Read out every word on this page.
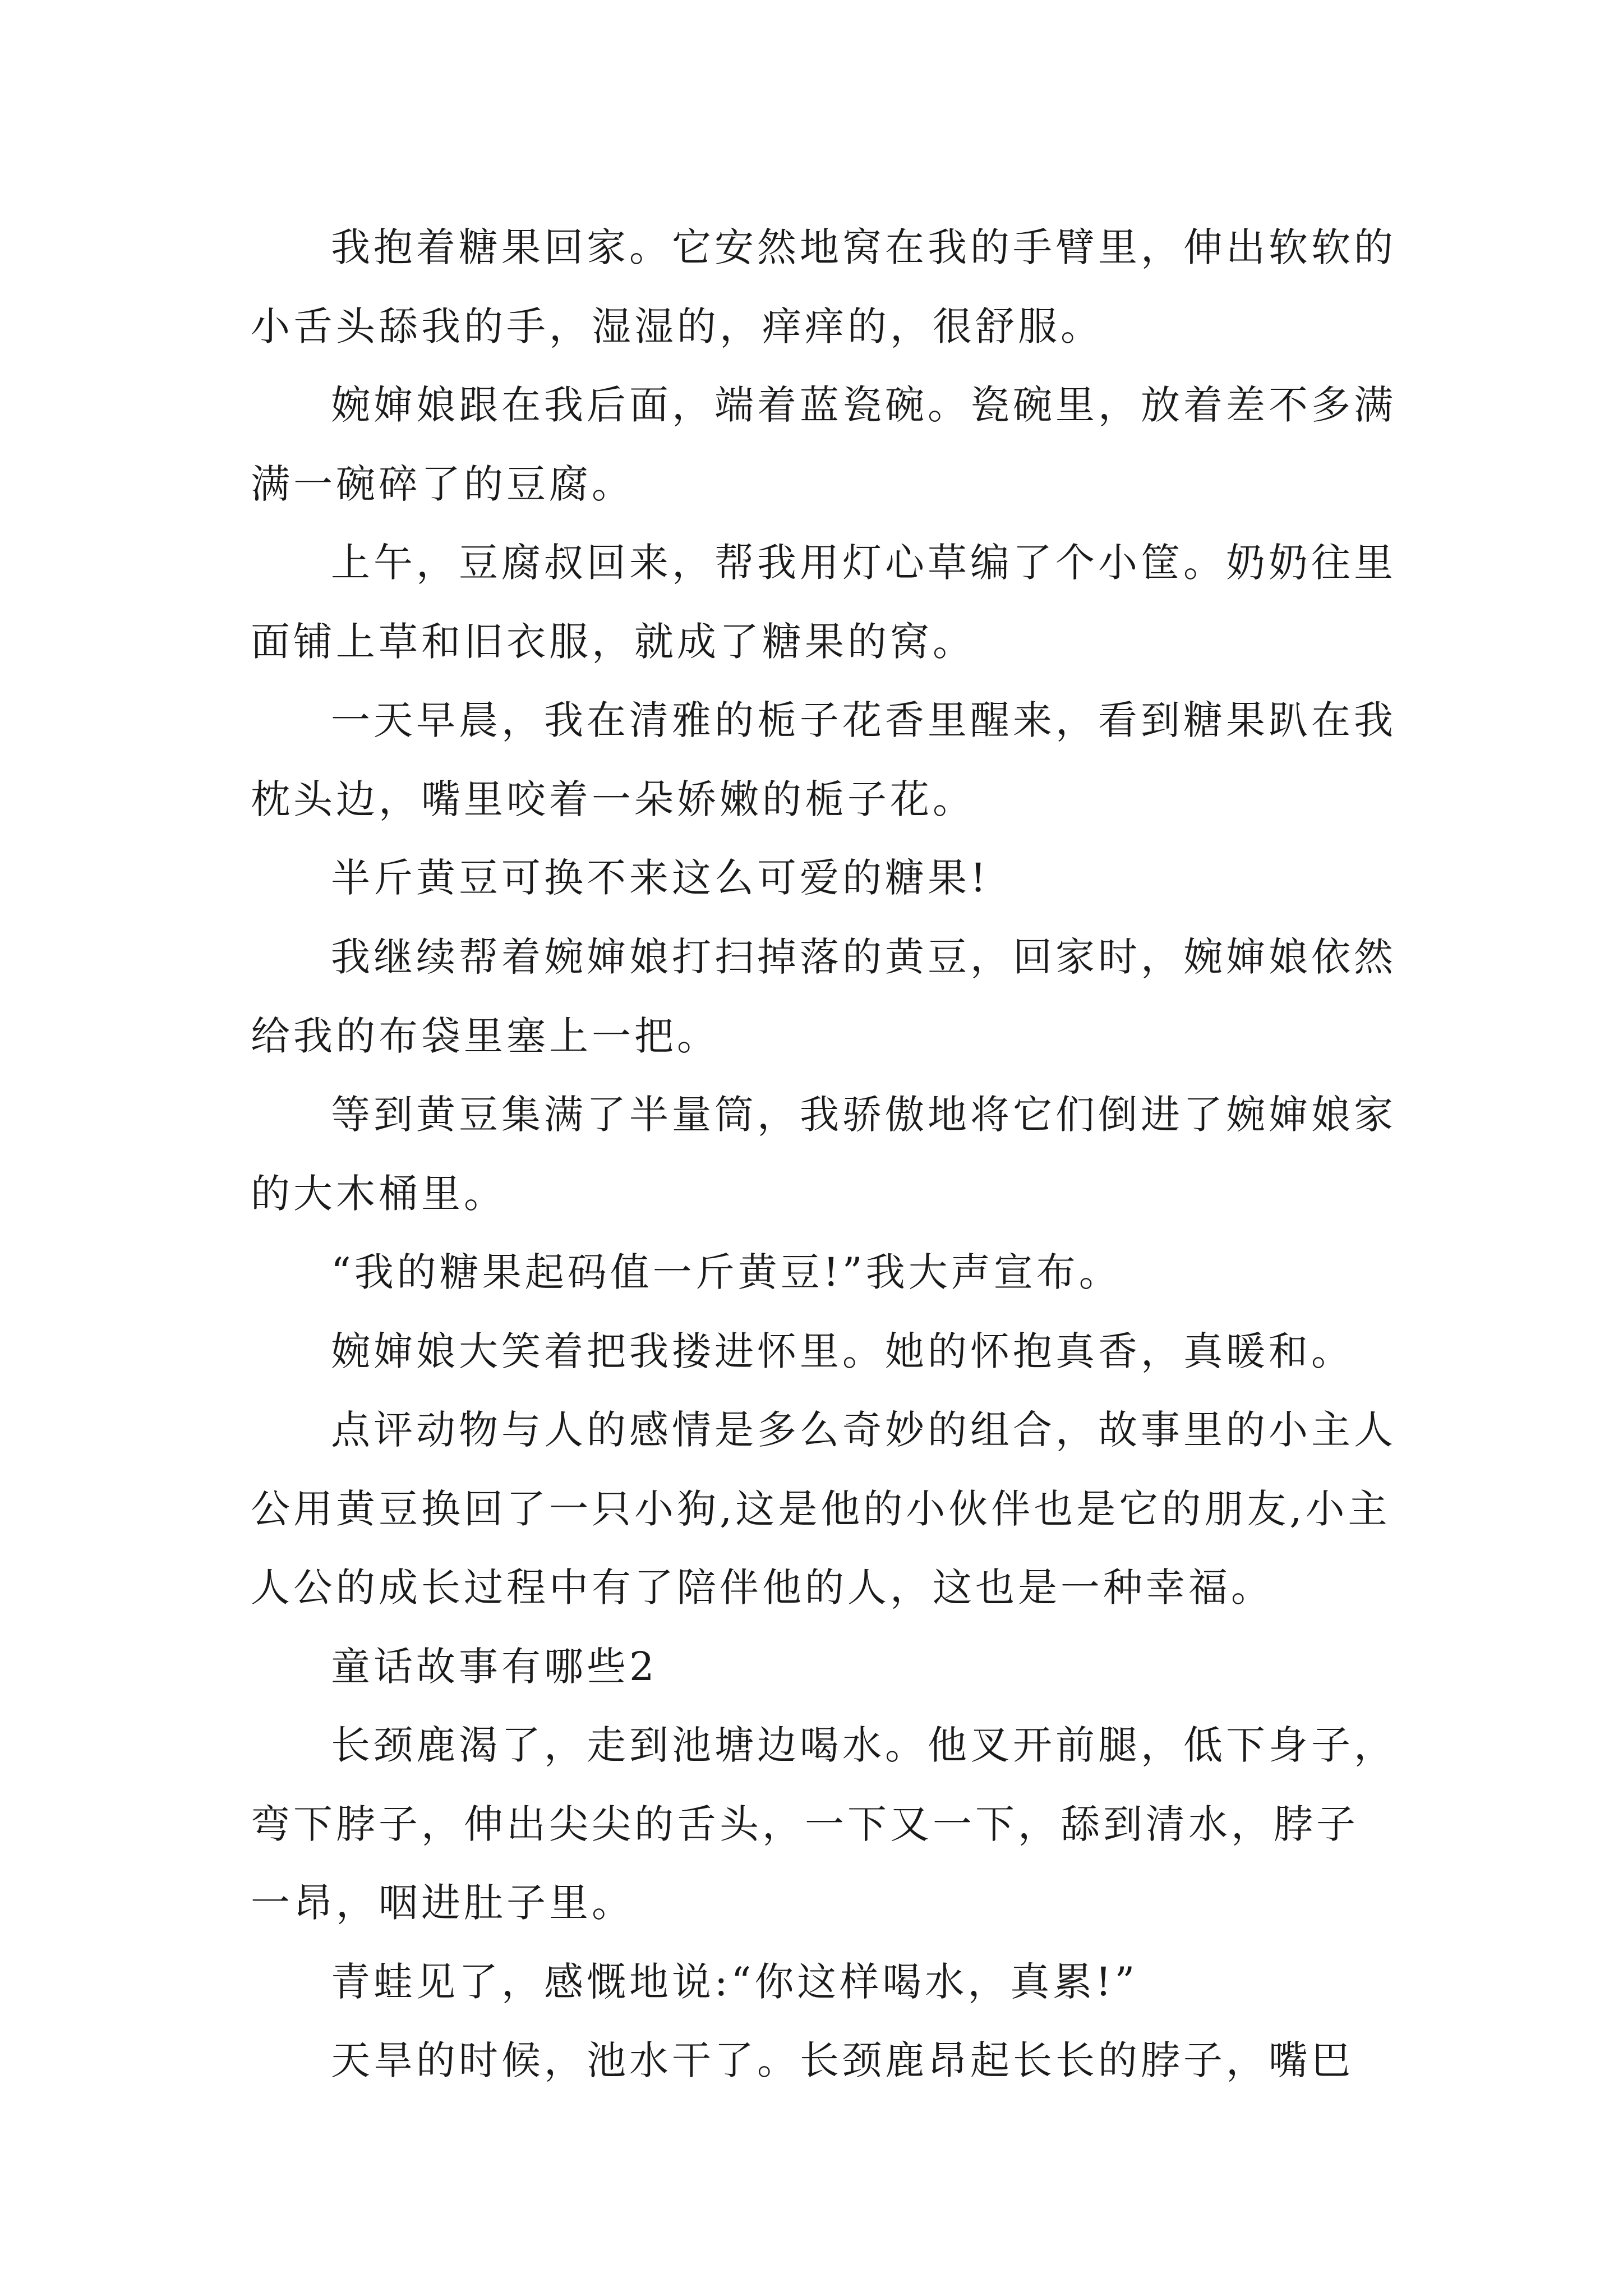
我抱着糖果回家。它安然地窝在我的手臂里，伸出软软的小舌头舔我的手，湿湿的，痒痒的，很舒服。

婉婶娘跟在我后面，端着蓝瓷碗。瓷碗里，放着差不多满满一碗碎了的豆腐。

上午，豆腐叔回来，帮我用灯心草编了个小筐。奶奶往里面铺上草和旧衣服，就成了糖果的窝。

一天早晨，我在清雅的栀子花香里醒来，看到糖果趴在我枕头边，嘴里咬着一朵娇嫩的栀子花。

半斤黄豆可换不来这么可爱的糖果!

我继续帮着婉婶娘打扫掉落的黄豆，回家时，婉婶娘依然给我的布袋里塞上一把。

等到黄豆集满了半量筒，我骄傲地将它们倒进了婉婶娘家的大木桶里。

“我的糖果起码值一斤黄豆!”我大声宣布。

婉婶娘大笑着把我搂进怀里。她的怀抱真香，真暖和。

点评动物与人的感情是多么奇妙的组合，故事里的小主人公用黄豆换回了一只小狗,这是他的小伙伴也是它的朋友,小主人公的成长过程中有了陪伴他的人，这也是一种幸福。

童话故事有哪些2

长颈鹿渴了，走到池塘边喝水。他叉开前腿，低下身子，弯下脖子，伸出尖尖的舌头，一下又一下，舔到清水，脖子一昂，咽进肚子里。

青蛙见了，感慨地说:“你这样喝水，真累!”

天旱的时候，池水干了。长颈鹿昂起长长的脖子，嘴巴
